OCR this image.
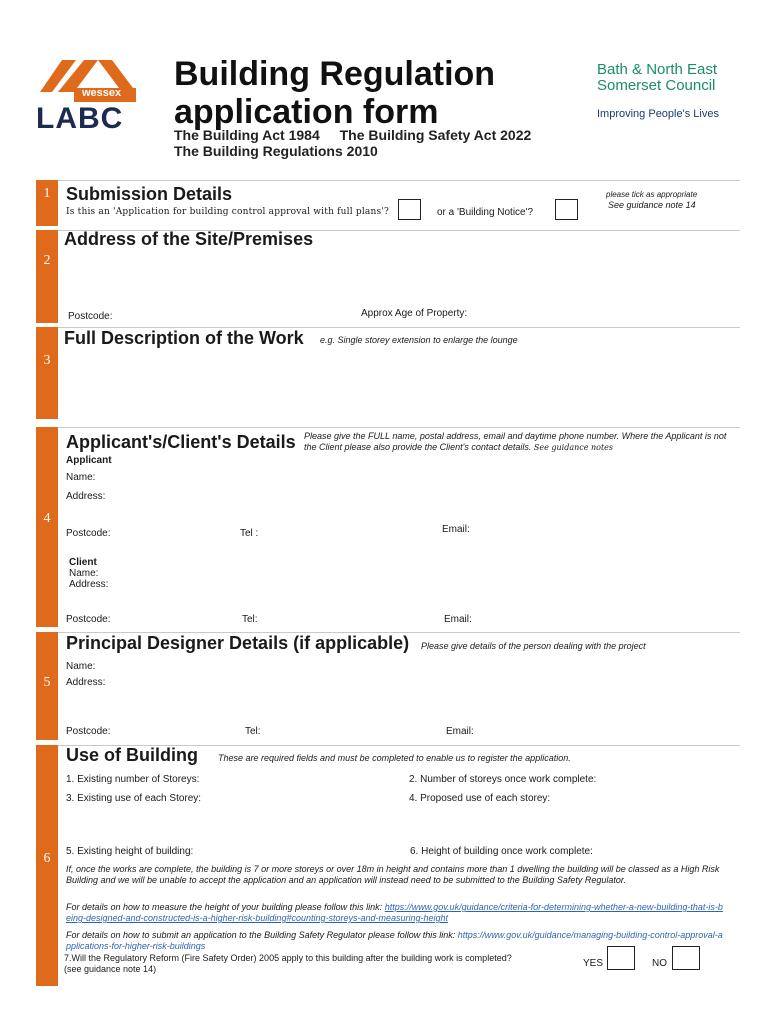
wessex
LABC
Building Regulation
application form
The Building Act 1984 The Building Safety Act 2022
The Building Regulations 2010
Bath & North East
Somerset Council
Improving People's Lives
1 Submission Details
Is this an 'Application for building control approval with full plans'?	or a 'Building Notice'?
please tick as appropriate
See guidance note 14
2
Address of the Site/Premises
Postcode:	Approx Age of Property:
3
Full Description of the Work e.g. Single storey extension to enlarge the lounge
4
Applicant's/Client's Details Please give the FULL name, postal address, email and daytime phone number. Where the Applicant is not the Client please also provide the Client's contact details. See guidance notes
Applicant
Name:
Address:
Postcode:	Tel :	Email:
Client
Name:
Address:
Postcode:	Tel:	Email:
5
Principal Designer Details (if applicable) Please give details of the person dealing with the project
Name:
Address:
Postcode:	Tel:	Email:
6
Use of Building These are required fields and must be completed to enable us to register the application.
1. Existing number of Storeys:	2. Number of storeys once work complete:
3. Existing use of each Storey:	4. Proposed use of each storey:
5. Existing height of building:	6. Height of building once work complete:
If, once the works are complete, the building is 7 or more storeys or over 18m in height and contains more than 1 dwelling the building will be classed as a High Risk Building and we will be unable to accept the application and an application will instead need to be submitted to the Building Safety Regulator.
For details on how to measure the height of your building please follow this link: https://www.gov.uk/guidance/criteria-for-determining-whether-a-new-building-that-is-being-designed-and-constructed-is-a-higher-risk-building#counting-storeys-and-measuring-height
For details on how to submit an application to the Building Safety Regulator please follow this link: https://www.gov.uk/guidance/managing-building-control-approval-applications-for-higher-risk-buildings
7.Will the Regulatory Reform (Fire Safety Order) 2005 apply to this building after the building work is completed?
(see guidance note 14)	YES	NO
